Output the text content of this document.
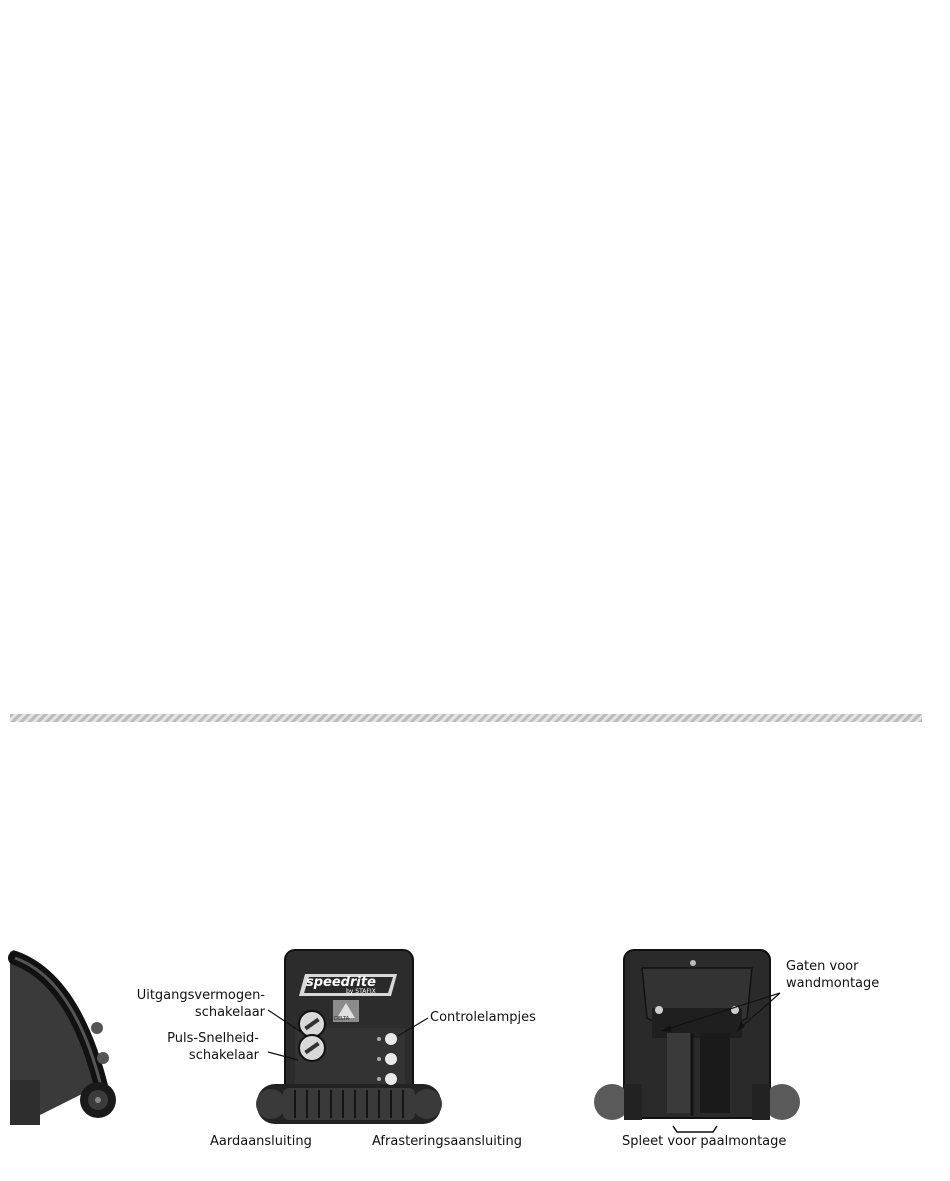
speedrite
by STAFIX
DELTA
Uitgangsvermogen-
schakelaar
Puls-Snelheid-
schakelaar
Controlelampjes
Aardaansluiting	Afrasteringsaansluiting
Gaten voor
wandmontage
Spleet voor paalmontage
